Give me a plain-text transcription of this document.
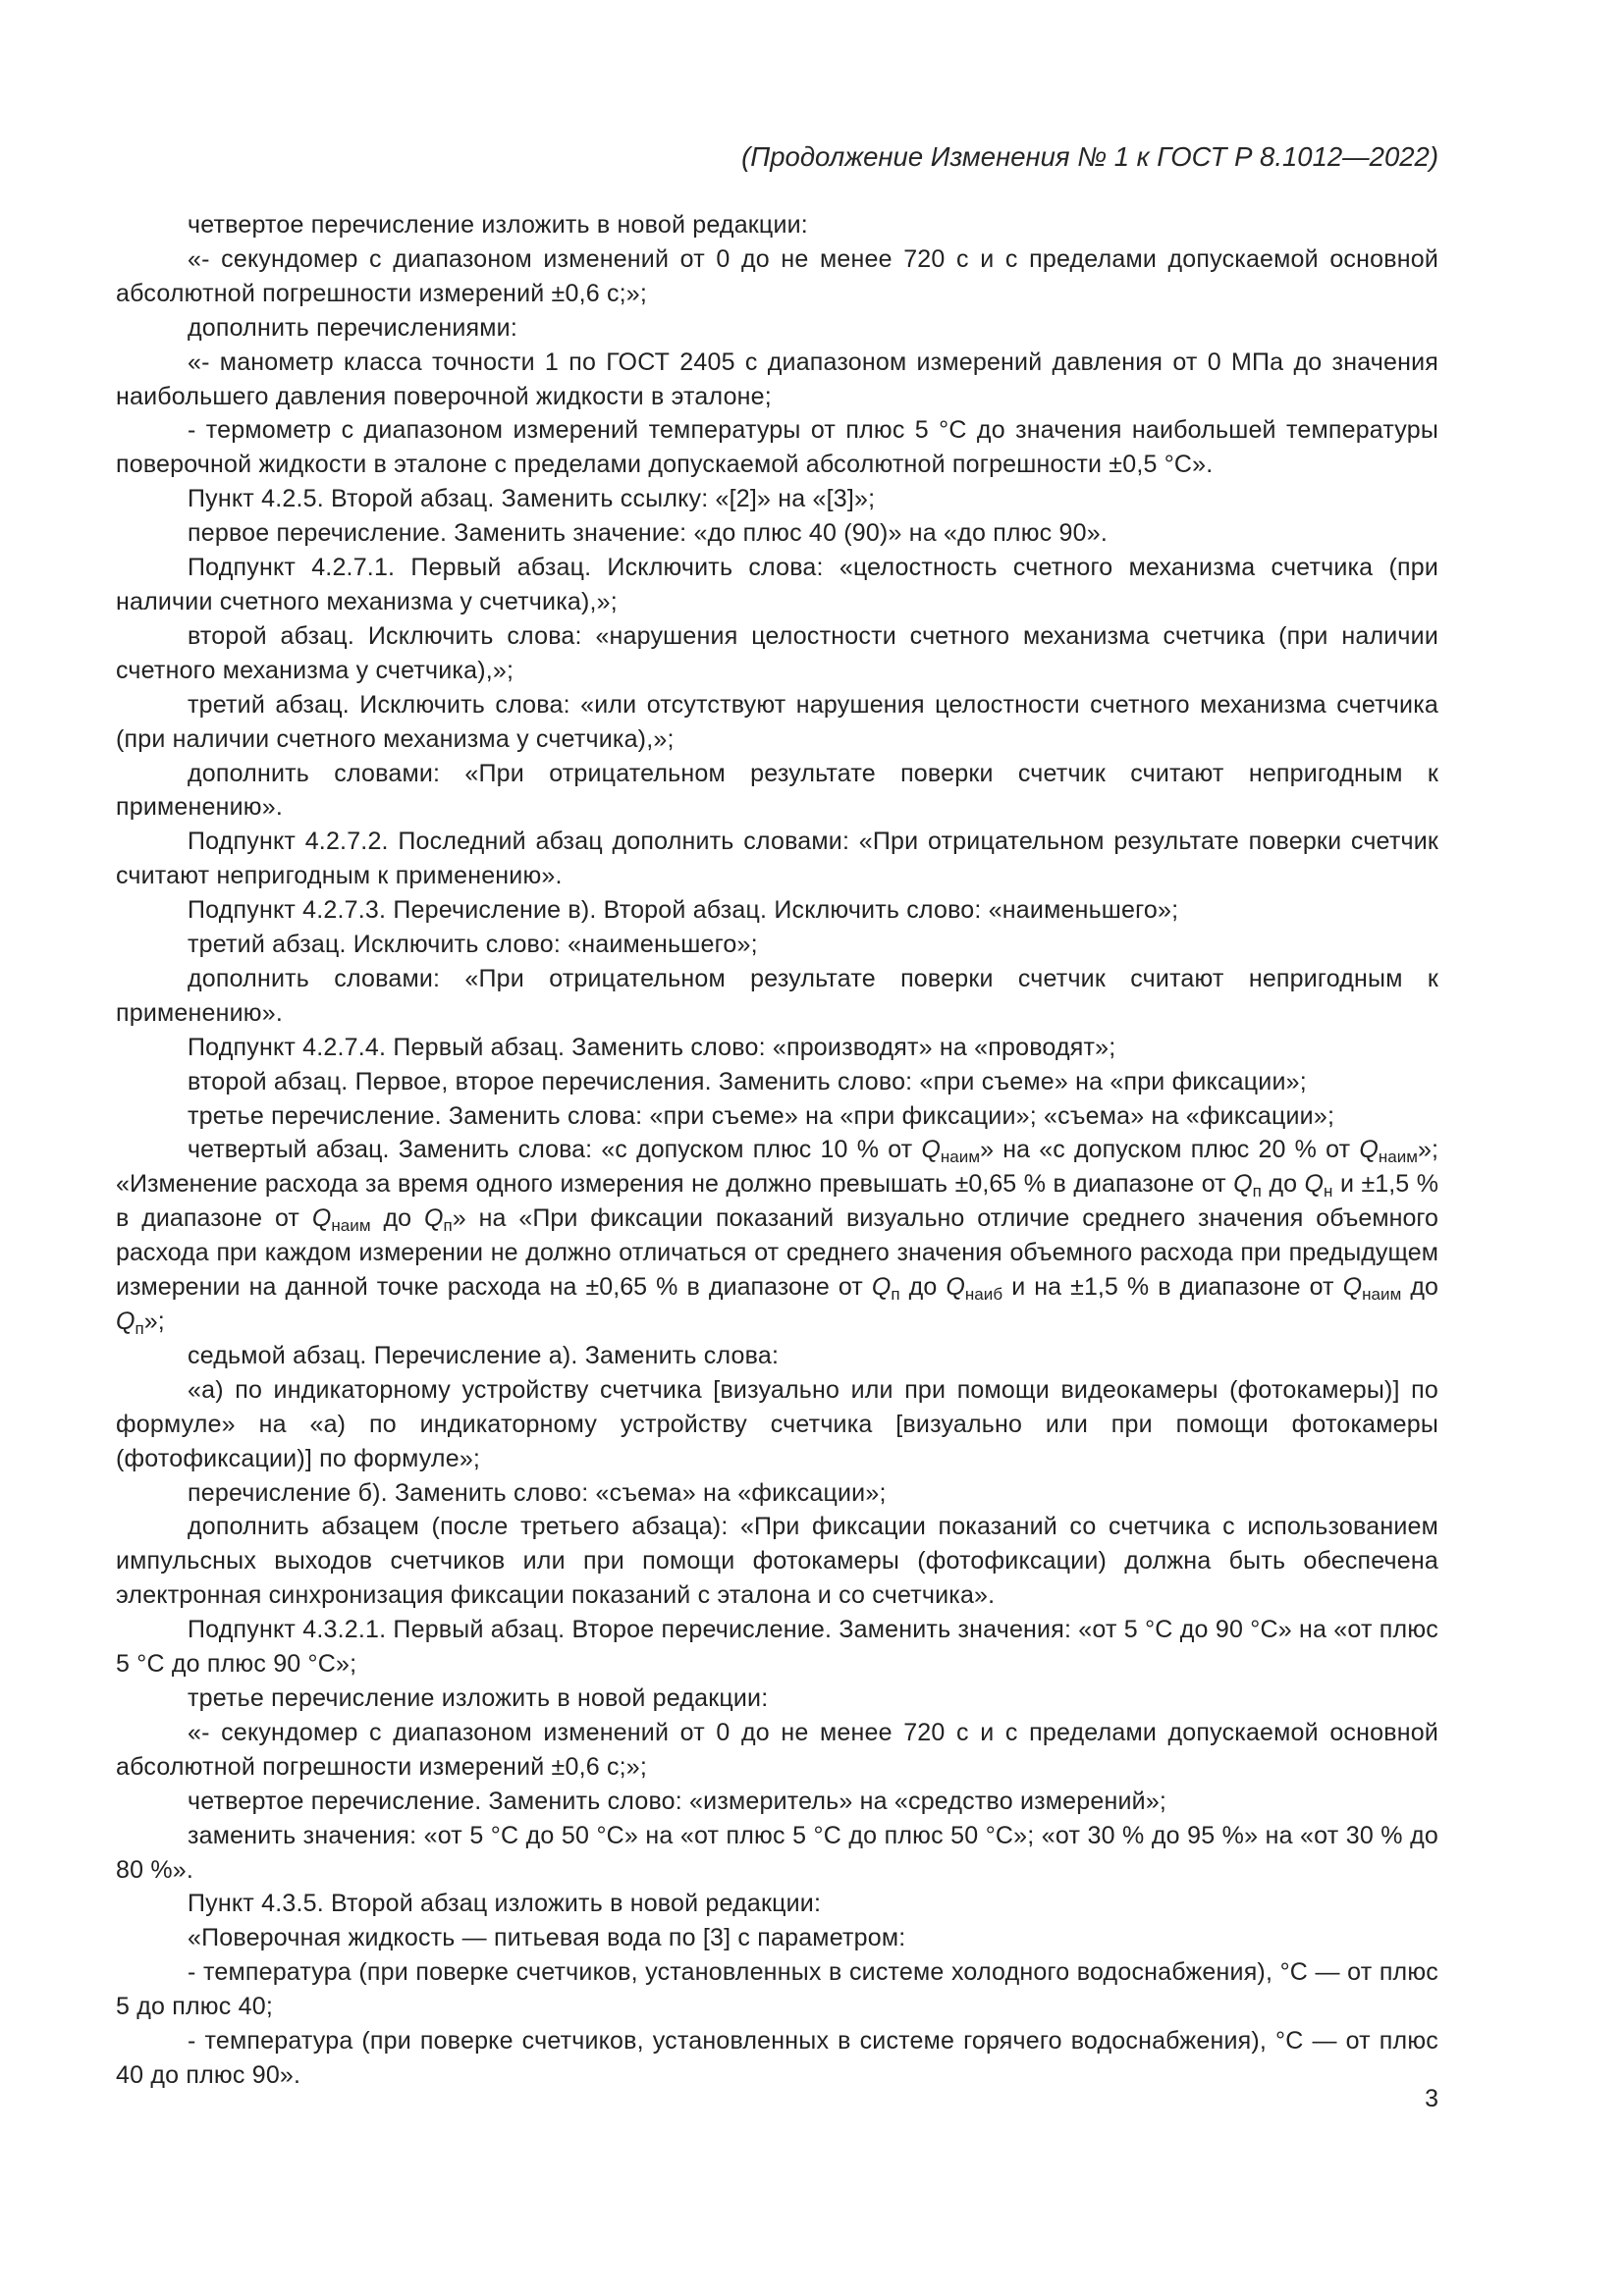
(Продолжение Изменения № 1 к ГОСТ Р 8.1012—2022)

четвертое перечисление изложить в новой редакции:

«- секундомер с диапазоном изменений от 0 до не менее 720 с и с пределами допускаемой основной абсолютной погрешности измерений ±0,6 с;»;

дополнить перечислениями:

«- манометр класса точности 1 по ГОСТ 2405 с диапазоном измерений давления от 0 МПа до значения наибольшего давления поверочной жидкости в эталоне;

- термометр с диапазоном измерений температуры от плюс 5 °С до значения наибольшей температуры поверочной жидкости в эталоне с пределами допускаемой абсолютной погрешности ±0,5 °С».

Пункт 4.2.5. Второй абзац. Заменить ссылку: «[2]» на «[3]»;

первое перечисление. Заменить значение: «до плюс 40 (90)» на «до плюс 90».

Подпункт 4.2.7.1. Первый абзац. Исключить слова: «целостность счетного механизма счетчика (при наличии счетного механизма у счетчика),»;

второй абзац. Исключить слова: «нарушения целостности счетного механизма счетчика (при наличии счетного механизма у счетчика),»;

третий абзац. Исключить слова: «или отсутствуют нарушения целостности счетного механизма счетчика (при наличии счетного механизма у счетчика),»;

дополнить словами: «При отрицательном результате поверки счетчик считают непригодным к применению».

Подпункт 4.2.7.2. Последний абзац дополнить словами: «При отрицательном результате поверки счетчик считают непригодным к применению».

Подпункт 4.2.7.3. Перечисление в). Второй абзац. Исключить слово: «наименьшего»;

третий абзац. Исключить слово: «наименьшего»;

дополнить словами: «При отрицательном результате поверки счетчик считают непригодным к применению».

Подпункт 4.2.7.4. Первый абзац. Заменить слово: «производят» на «проводят»;

второй абзац. Первое, второе перечисления. Заменить слово: «при съеме» на «при фиксации»;

третье перечисление. Заменить слова: «при съеме» на «при фиксации»; «съема» на «фиксации»;

четвертый абзац. Заменить слова: «с допуском плюс 10 % от $Q_{наим}$» на «с допуском плюс 20 % от $Q_{наим}$»; «Изменение расхода за время одного измерения не должно превышать ±0,65 % в диапазоне от $Q_п$ до $Q_н$ и ±1,5 % в диапазоне от $Q_{наим}$ до $Q_п$» на «При фиксации показаний визуально отличие среднего значения объемного расхода при каждом измерении не должно отличаться от среднего значения объемного расхода при предыдущем измерении на данной точке расхода на ±0,65 % в диапазоне от $Q_п$ до $Q_{наиб}$ и на ±1,5 % в диапазоне от $Q_{наим}$ до $Q_п$»;

седьмой абзац. Перечисление а). Заменить слова:

«а) по индикаторному устройству счетчика [визуально или при помощи видеокамеры (фотокамеры)] по формуле» на «а) по индикаторному устройству счетчика [визуально или при помощи фотокамеры (фотофиксации)] по формуле»;

перечисление б). Заменить слово: «съема» на «фиксации»;

дополнить абзацем (после третьего абзаца): «При фиксации показаний со счетчика с использованием импульсных выходов счетчиков или при помощи фотокамеры (фотофиксации) должна быть обеспечена электронная синхронизация фиксации показаний с эталона и со счетчика».

Подпункт 4.3.2.1. Первый абзац. Второе перечисление. Заменить значения: «от 5 °С до 90 °С» на «от плюс 5 °С до плюс 90 °С»;

третье перечисление изложить в новой редакции:

«- секундомер с диапазоном изменений от 0 до не менее 720 с и с пределами допускаемой основной абсолютной погрешности измерений ±0,6 с;»;

четвертое перечисление. Заменить слово: «измеритель» на «средство измерений»;

заменить значения: «от 5 °С до 50 °С» на «от плюс 5 °С до плюс 50 °С»; «от 30 % до 95 %» на «от 30 % до 80 %».

Пункт 4.3.5. Второй абзац изложить в новой редакции:

«Поверочная жидкость — питьевая вода по [3] с параметром:

- температура (при поверке счетчиков, установленных в системе холодного водоснабжения), °С — от плюс 5 до плюс 40;

- температура (при поверке счетчиков, установленных в системе горячего водоснабжения), °С — от плюс 40 до плюс 90».

3
